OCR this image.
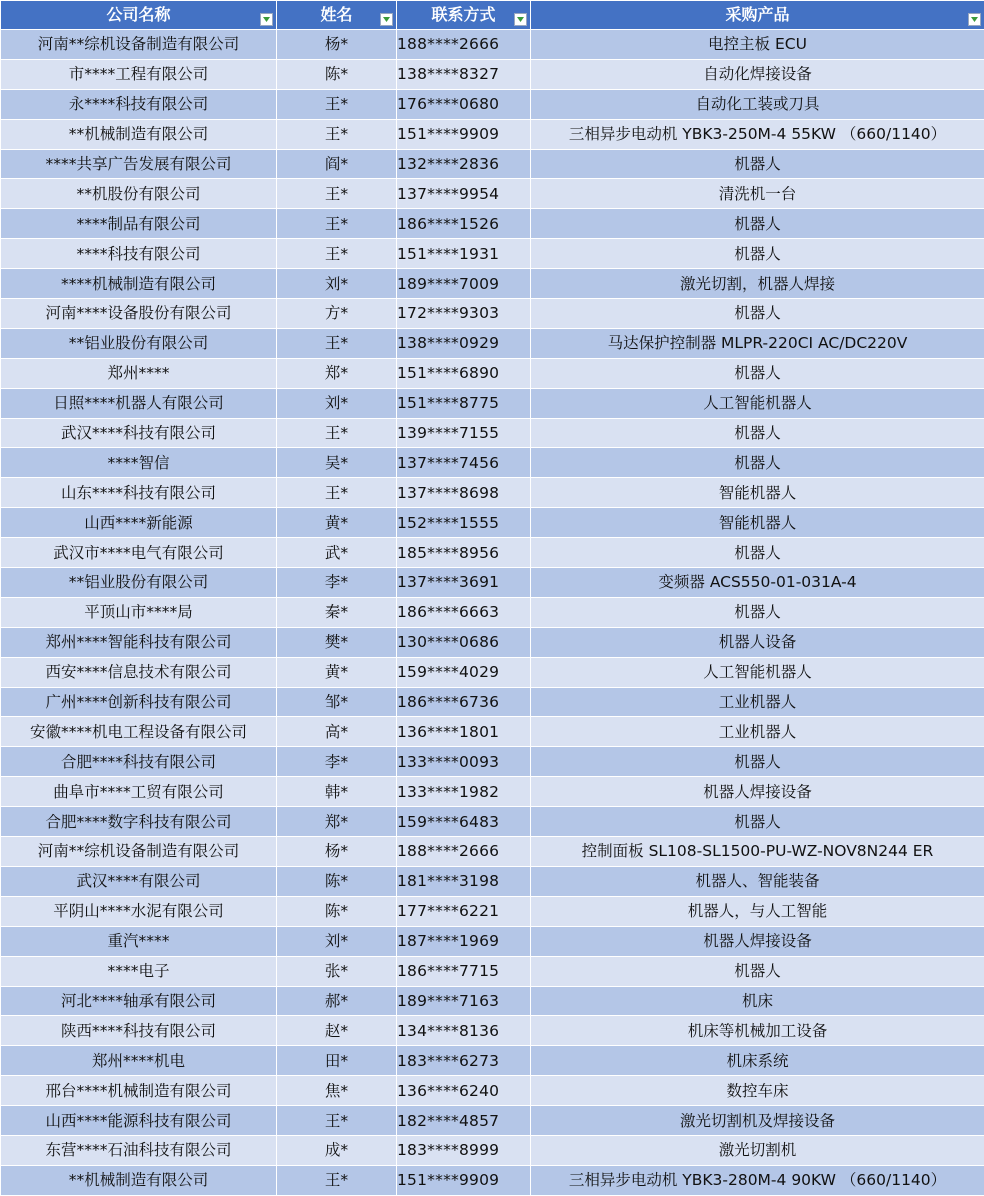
公司名称	姓名	联系方式	采购产品

河南**综机设备制造有限公司	杨*	188****2666	电控主板 ECU
市****工程有限公司	陈*	138****8327	自动化焊接设备
永****科技有限公司	王*	176****0680	自动化工装或刀具
**机械制造有限公司	王*	151****9909	三相异步电动机 YBK3-250M-4 55KW （660/1140）
****共享广告发展有限公司	阎*	132****2836	机器人
**机股份有限公司	王*	137****9954	清洗机一台
****制品有限公司	王*	186****1526	机器人
****科技有限公司	王*	151****1931	机器人
****机械制造有限公司	刘*	189****7009	激光切割，机器人焊接
河南****设备股份有限公司	方*	172****9303	机器人
**铝业股份有限公司	王*	138****0929	马达保护控制器 MLPR-220CI AC/DC220V
郑州****	郑*	151****6890	机器人
日照****机器人有限公司	刘*	151****8775	人工智能机器人
武汉****科技有限公司	王*	139****7155	机器人
****智信	吴*	137****7456	机器人
山东****科技有限公司	王*	137****8698	智能机器人
山西****新能源	黄*	152****1555	智能机器人
武汉市****电气有限公司	武*	185****8956	机器人
**铝业股份有限公司	李*	137****3691	变频器 ACS550-01-031A-4
平顶山市****局	秦*	186****6663	机器人
郑州****智能科技有限公司	樊*	130****0686	机器人设备
西安****信息技术有限公司	黄*	159****4029	人工智能机器人
广州****创新科技有限公司	邹*	186****6736	工业机器人
安徽****机电工程设备有限公司	高*	136****1801	工业机器人
合肥****科技有限公司	李*	133****0093	机器人
曲阜市****工贸有限公司	韩*	133****1982	机器人焊接设备
合肥****数字科技有限公司	郑*	159****6483	机器人
河南**综机设备制造有限公司	杨*	188****2666	控制面板 SL108-SL1500-PU-WZ-NOV8N244 ER
武汉****有限公司	陈*	181****3198	机器人、智能装备
平阴山****水泥有限公司	陈*	177****6221	机器人，与人工智能
重汽****	刘*	187****1969	机器人焊接设备
****电子	张*	186****7715	机器人
河北****轴承有限公司	郝*	189****7163	机床
陕西****科技有限公司	赵*	134****8136	机床等机械加工设备
郑州****机电	田*	183****6273	机床系统
邢台****机械制造有限公司	焦*	136****6240	数控车床
山西****能源科技有限公司	王*	182****4857	激光切割机及焊接设备
东营****石油科技有限公司	成*	183****8999	激光切割机
**机械制造有限公司	王*	151****9909	三相异步电动机 YBK3-280M-4 90KW （660/1140）
